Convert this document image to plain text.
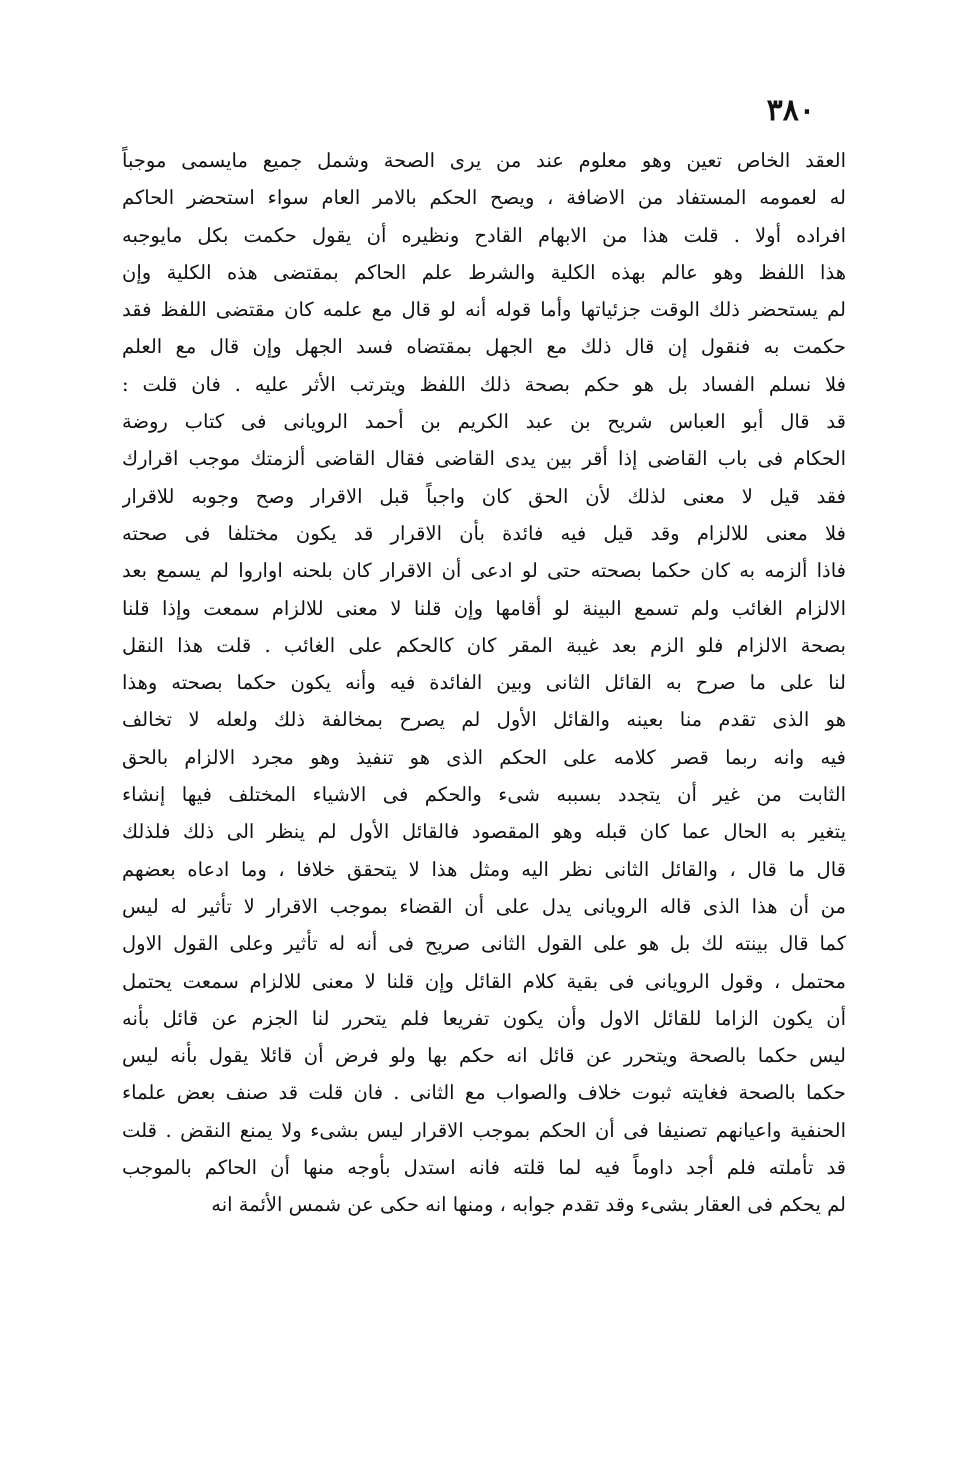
٣٨٠
العقد الخاص تعين وهو معلوم عند من يرى الصحة وشمل جميع مايسمى موجباً
له لعمومه المستفاد من الاضافة ، ويصح الحكم بالامر العام سواء استحضر الحاكم
افراده أولا . قلت هذا من الابهام القادح ونظيره أن يقول حكمت بكل مايوجبه
هذا اللفظ وهو عالم بهذه الكلية والشرط علم الحاكم بمقتضى هذه الكلية وإن
لم يستحضر ذلك الوقت جزئياتها وأما قوله أنه لو قال مع علمه كان مقتضى اللفظ فقد
حكمت به فنقول إن قال ذلك مع الجهل بمقتضاه فسد الجهل وإن قال مع العلم
فلا نسلم الفساد بل هو حكم بصحة ذلك اللفظ ويترتب الأثر عليه . فان قلت :
قد قال أبو العباس شريح بن عبد الكريم بن أحمد الرويانى فى كتاب روضة
الحكام فى باب القاضى إذا أقر بين يدى القاضى فقال القاضى ألزمتك موجب اقرارك
فقد قيل لا معنى لذلك لأن الحق كان واجباً قبل الاقرار وصح وجوبه للاقرار
فلا معنى للالزام وقد قيل فيه فائدة بأن الاقرار قد يكون مختلفا فى صحته
فاذا ألزمه به كان حكما بصحته حتى لو ادعى أن الاقرار كان بلحنه اواروا لم يسمع بعد
الالزام الغائب ولم تسمع البينة لو أقامها وإن قلنا لا معنى للالزام سمعت وإذا قلنا
بصحة الالزام فلو الزم بعد غيبة المقر كان كالحكم على الغائب . قلت هذا النقل
لنا على ما صرح به القائل الثانى وبين الفائدة فيه وأنه يكون حكما بصحته وهذا
هو الذى تقدم منا بعينه والقائل الأول لم يصرح بمخالفة ذلك ولعله لا تخالف
فيه وانه ربما قصر كلامه على الحكم الذى هو تنفيذ وهو مجرد الالزام بالحق
الثابت من غير أن يتجدد بسببه شىء والحكم فى الاشياء المختلف فيها إنشاء
يتغير به الحال عما كان قبله وهو المقصود فالقائل الأول لم ينظر الى ذلك فلذلك
قال ما قال ، والقائل الثانى نظر اليه ومثل هذا لا يتحقق خلافا ، وما ادعاه بعضهم
من أن هذا الذى قاله الرويانى يدل على أن القضاء بموجب الاقرار لا تأثير له ليس
كما قال بينته لك بل هو على القول الثانى صريح فى أنه له تأثير وعلى القول الاول
محتمل ، وقول الرويانى فى بقية كلام القائل وإن قلنا لا معنى للالزام سمعت يحتمل
أن يكون الزاما للقائل الاول وأن يكون تفريعا فلم يتحرر لنا الجزم عن قائل بأنه
ليس حكما بالصحة ويتحرر عن قائل انه حكم بها ولو فرض أن قائلا يقول بأنه ليس
حكما بالصحة فغايته ثبوت خلاف والصواب مع الثانى . فان قلت قد صنف بعض علماء
الحنفية واعيانهم تصنيفا فى أن الحكم بموجب الاقرار ليس بشىء ولا يمنع النقض . قلت
قد تأملته فلم أجد داوماً فيه لما قلته فانه استدل بأوجه منها أن الحاكم بالموجب
لم يحكم فى العقار بشىء وقد تقدم جوابه ، ومنها انه حكى عن شمس الأئمة انه
